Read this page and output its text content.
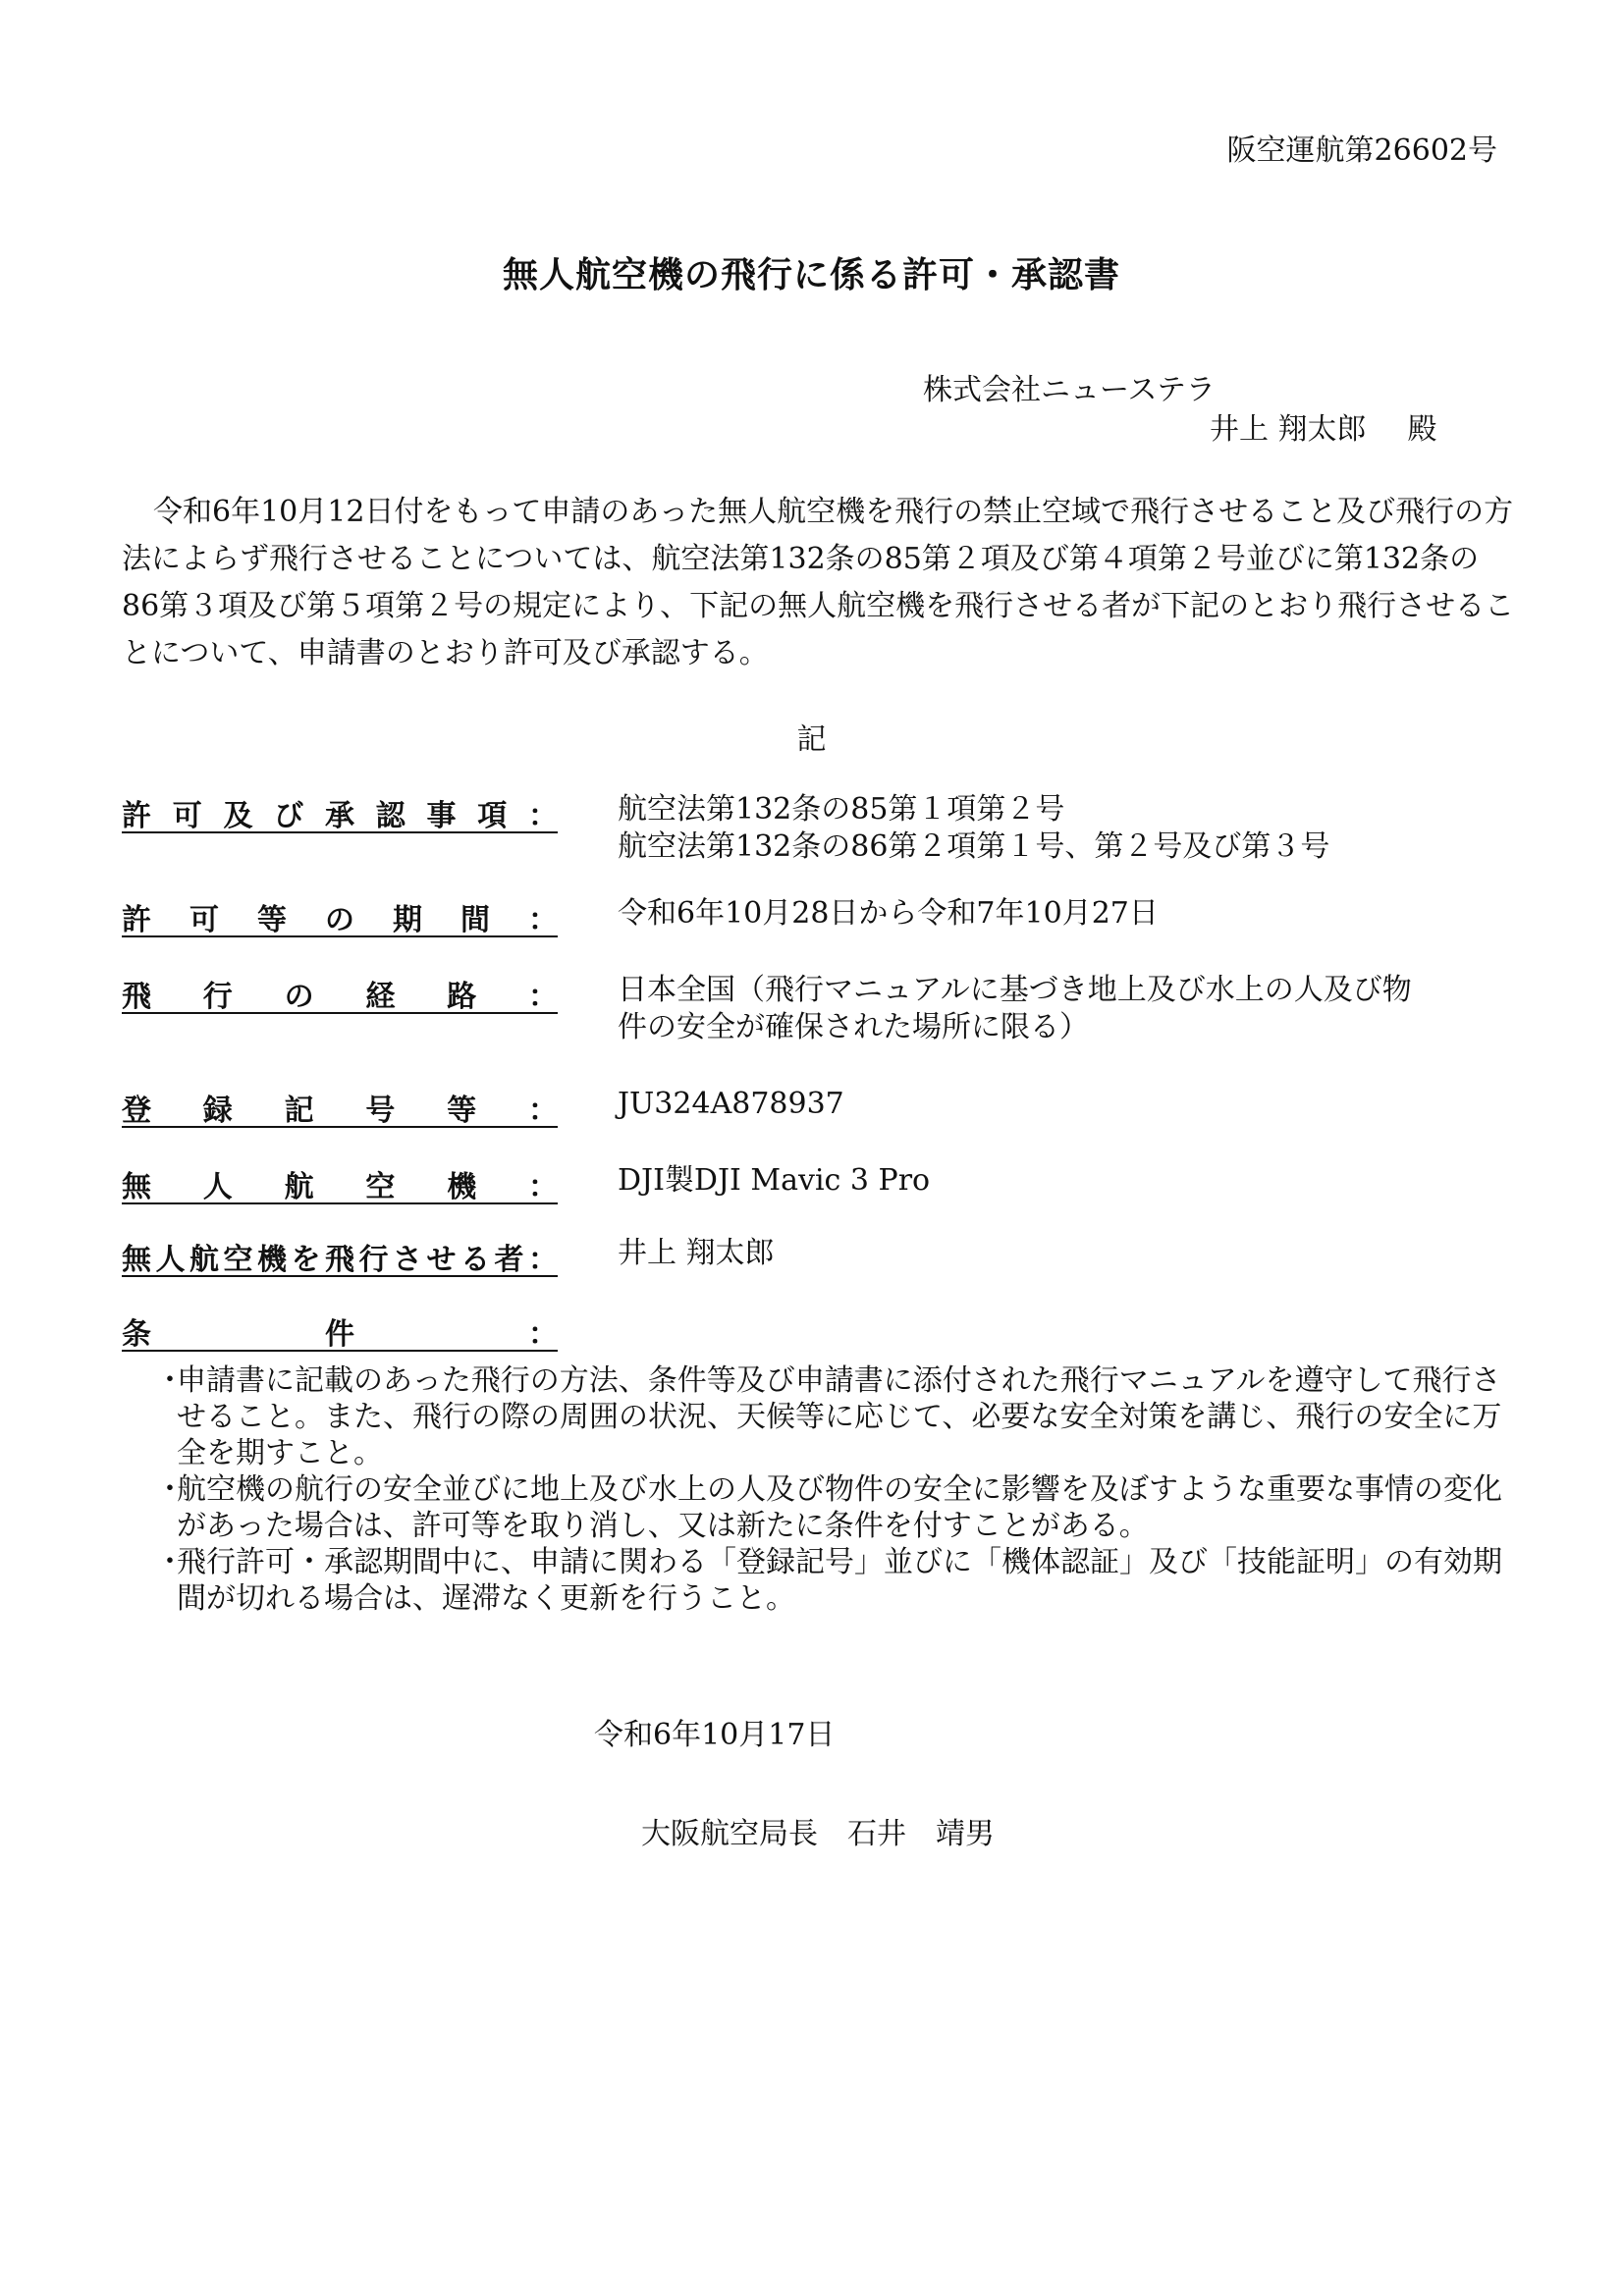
阪空運航第26602号
無人航空機の飛行に係る許可・承認書
株式会社ニューステラ
井上 翔太郎 殿
令和6年10月12日付をもって申請のあった無人航空機を飛行の禁止空域で飛行させること及び飛行の方法によらず飛行させることについては、航空法第132条の85第２項及び第４項第２号並びに第132条の86第３項及び第５項第２号の規定により、下記の無人航空機を飛行させる者が下記のとおり飛行させることについて、申請書のとおり許可及び承認する。
記
許可及び承認事項： 航空法第132条の85第１項第２号
航空法第132条の86第２項第１号、第２号及び第３号
許可等の期間： 令和6年10月28日から令和7年10月27日
飛行の経路： 日本全国（飛行マニュアルに基づき地上及び水上の人及び物
件の安全が確保された場所に限る）
登録記号等： JU324A878937
無人航空機： DJI製DJI Mavic 3 Pro
無人航空機を飛行させる者： 井上 翔太郎
条件：
・
申請書に記載のあった飛行の方法、条件等及び申請書に添付された飛行マニュアルを遵守して飛行させること。また、飛行の際の周囲の状況、天候等に応じて、必要な安全対策を講じ、飛行の安全に万全を期すこと。
・
航空機の航行の安全並びに地上及び水上の人及び物件の安全に影響を及ぼすような重要な事情の変化があった場合は、許可等を取り消し、又は新たに条件を付すことがある。
・
飛行許可・承認期間中に、申請に関わる「登録記号」並びに「機体認証」及び「技能証明」の有効期間が切れる場合は、遅滞なく更新を行うこと。
令和6年10月17日
大阪航空局長 石井　靖男
